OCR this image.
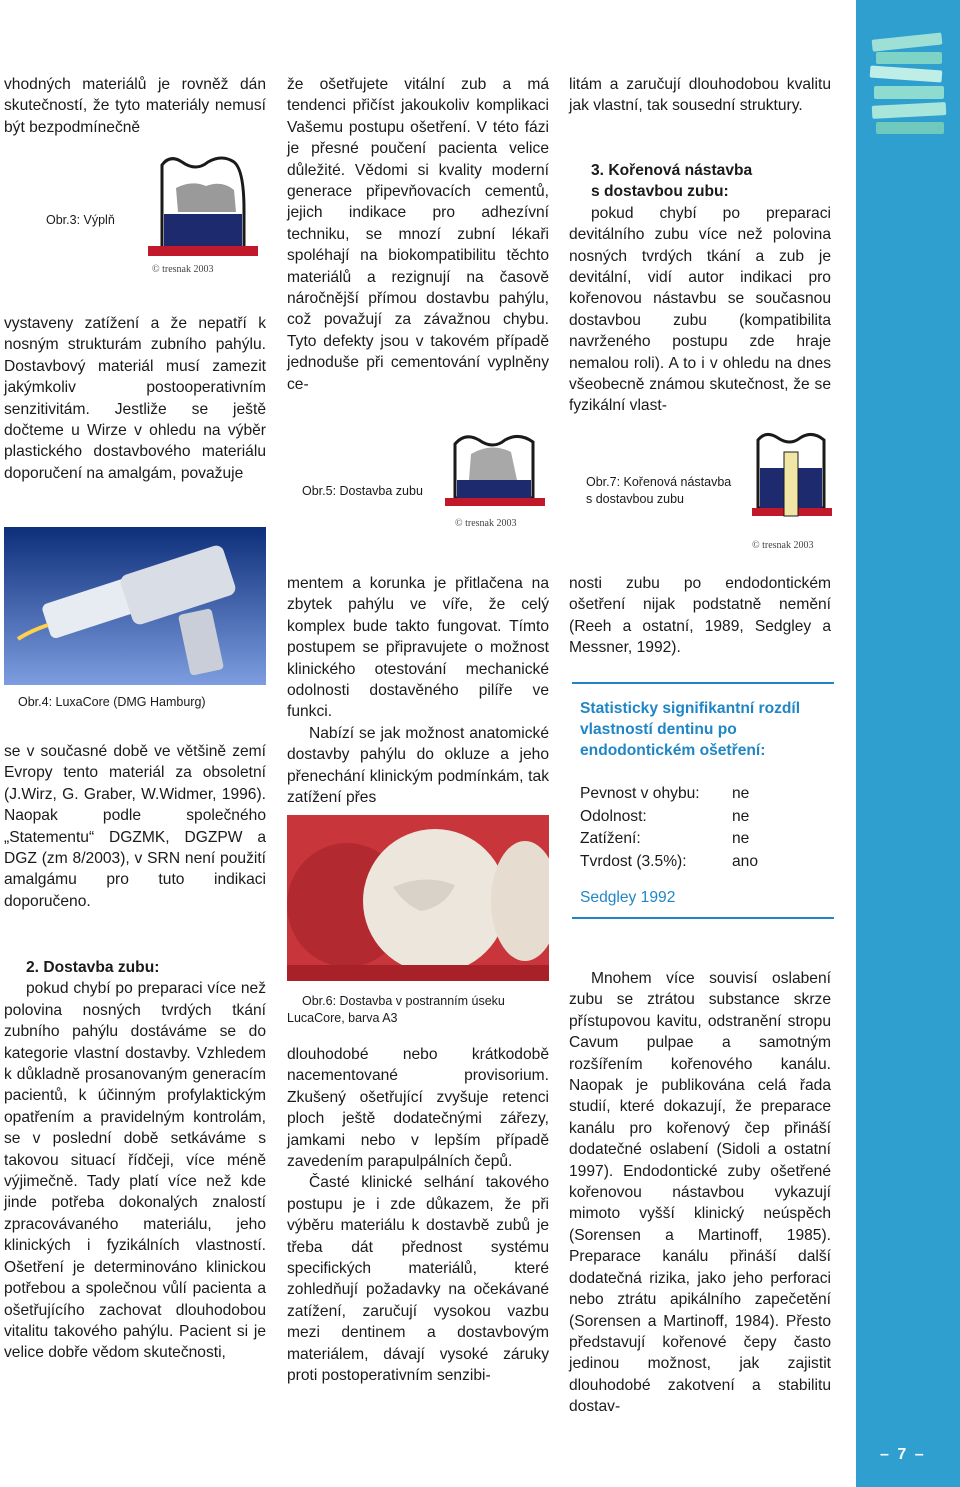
– 7 –

vhodných materiálů je rovněž dán skutečností, že tyto materiály nemusí být bezpodmínečně

Obr.3: Výplň
© tresnak 2003

vystaveny zatížení a že nepatří k nosným strukturám zubního pahýlu. Dostavbový materiál musí zamezit jakýmkoliv postooperativním senzitivitám. Jestliže se ještě dočteme u Wirze v ohledu na výběr plastického dostavbového materiálu doporučení na amalgám, považuje

Obr.4: LuxaCore (DMG Hamburg)

se v současné době ve většině zemí Evropy tento materiál za obsoletní (J.Wirz, G. Graber, W.Widmer, 1996). Naopak podle společného „Statementu“ DGZMK, DGZPW a DGZ (zm 8/2003), v SRN není použití amalgámu pro tuto indikaci doporučeno.

2. Dostavba zubu:

pokud chybí po preparaci více než polovina nosných tvrdých tkání zubního pahýlu dostáváme se do kategorie vlastní dostavby. Vzhledem k důkladně prosanovaným generacím pacientů, k účinným profylaktickým opatřením a pravidelným kontrolám, se v poslední době setkáváme s takovou situací řídčeji, více méně výjimečně. Tady platí více než kde jinde potřeba dokonalých znalostí zpracovávaného materiálu, jeho klinických i fyzikálních vlastností. Ošetření je determinováno klinickou potřebou a společnou vůlí pacienta a ošetřujícího zachovat dlouhodobou vitalitu takového pahýlu. Pacient si je velice dobře vědom skutečnosti,

že ošetřujete vitální zub a má tendenci přičíst jakoukoliv komplikaci Vašemu postupu ošetření. V této fázi je přesné poučení pacienta velice důležité. Vědomi si kvality moderní generace připevňovacích cementů, jejich indikace pro adhezívní techniku, se mnozí zubní lékaři spoléhají na biokompatibilitu těchto materiálů a rezignují na časově náročnější přímou dostavbu pahýlu, což považují za závažnou chybu. Tyto defekty jsou v takovém případě jednoduše při cementování vyplněny ce-

Obr.5: Dostavba zubu
© tresnak 2003

mentem a korunka je přitlačena na zbytek pahýlu ve víře, že celý komplex bude takto fungovat. Tímto postupem se připravujete o možnost klinického otestování mechanické odolnosti dostavěného pilíře ve funkci.

Nabízí se jak možnost anatomické dostavby pahýlu do okluze a jeho přenechání klinickým podmínkám, tak zatížení přes

Obr.6: Dostavba v postranním úseku
LucaCore, barva A3

dlouhodobé nebo krátkodobě nacementované provisorium. Zkušený ošetřující zvyšuje retenci ploch ještě dodatečnými zářezy, jamkami nebo v lepším případě zavedením parapulpálních čepů.

Časté klinické selhání takového postupu je i zde důkazem, že při výběru materiálu k dostavbě zubů je třeba dát přednost systému specifických materiálů, které zohledňují požadavky na očekávané zatížení, zaručují vysokou vazbu mezi dentinem a dostavbovým materiálem, dávají vysoké záruky proti postoperativním senzibi-

litám a zaručují dlouhodobou kvalitu jak vlastní, tak sousední struktury.

3. Kořenová nástavba

s dostavbou zubu:

pokud chybí po preparaci devitálního zubu více než polovina nosných tvrdých tkání a zub je devitální, vidí autor indikaci pro kořenovou nástavbu se současnou dostavbou zubu (kompatibilita navrženého postupu zde hraje nemalou roli). A to i v ohledu na dnes všeobecně známou skutečnost, že se fyzikální vlast-

Obr.7: Kořenová nástavba
s dostavbou zubu
© tresnak 2003

nosti zubu po endodontickém ošetření nijak podstatně nemění (Reeh a ostatní, 1989, Sedgley a Messner, 1992).

Statisticky signifikantní rozdíl vlastností dentinu po endodontickém ošetření:
Pevnost v ohybu:	ne
Odolnost:	ne
Zatížení:	ne
Tvrdost (3.5%):	ano
Sedgley 1992

Mnohem více souvisí oslabení zubu se ztrátou substance skrze přístupovou kavitu, odstranění stropu Cavum pulpae a samotným rozšířením kořenového kanálu. Naopak je publikována celá řada studií, které dokazují, že preparace kanálu pro kořenový čep přináší dodatečné oslabení (Sidoli a ostatní 1997). Endodontické zuby ošetřené kořenovou nástavbou vykazují mimoto vyšší klinický neúspěch (Sorensen a Martinoff, 1985). Preparace kanálu přináší další dodatečná rizika, jako jeho perforaci nebo ztrátu apikálního zapečetění (Sorensen a Martinoff, 1984). Přesto představují kořenové čepy často jedinou možnost, jak zajistit dlouhodobé zakotvení a stabilitu dostav-
